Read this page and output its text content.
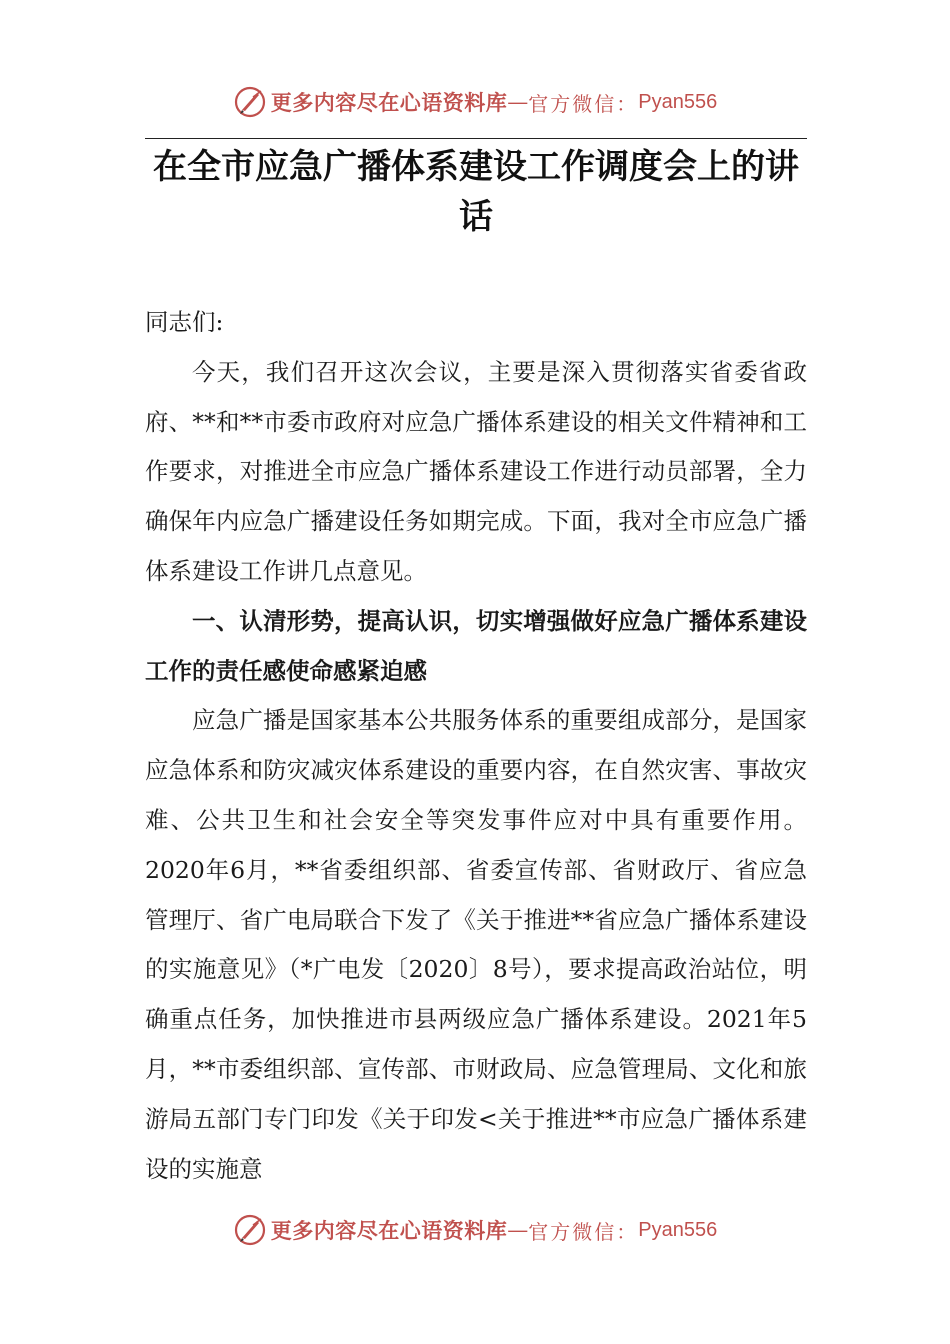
更多内容尽在心语资料库 — 官方微信： Pyan556
在全市应急广播体系建设工作调度会上的讲话

同志们:

今天，我们召开这次会议，主要是深入贯彻落实省委省政府、**和**市委市政府对应急广播体系建设的相关文件精神和工作要求，对推进全市应急广播体系建设工作进行动员部署，全力确保年内应急广播建设任务如期完成。下面，我对全市应急广播体系建设工作讲几点意见。

一、认清形势，提高认识，切实增强做好应急广播体系建设工作的责任感使命感紧迫感

应急广播是国家基本公共服务体系的重要组成部分，是国家应急体系和防灾减灾体系建设的重要内容，在自然灾害、事故灾难、公共卫生和社会安全等突发事件应对中具有重要作用。2020年6月，**省委组织部、省委宣传部、省财政厅、省应急管理厅、省广电局联合下发了《关于推进**省应急广播体系建设的实施意见》（*广电发〔2020〕8号），要求提高政治站位，明确重点任务，加快推进市县两级应急广播体系建设。2021年5月，**市委组织部、宣传部、市财政局、应急管理局、文化和旅游局五部门专门印发《关于印发<关于推进**市应急广播体系建设的实施意

更多内容尽在心语资料库 — 官方微信： Pyan556
